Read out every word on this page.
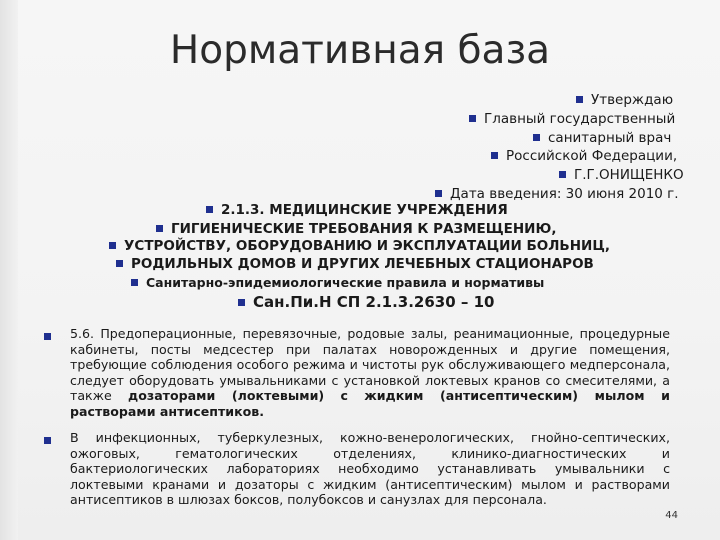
Нормативная база
Утверждаю
Главный государственный
санитарный врач
Российской Федерации,
Г.Г.ОНИЩЕНКО
Дата введения: 30 июня 2010 г.
2.1.3. МЕДИЦИНСКИЕ УЧРЕЖДЕНИЯ
ГИГИЕНИЧЕСКИЕ ТРЕБОВАНИЯ К РАЗМЕЩЕНИЮ,
УСТРОЙСТВУ, ОБОРУДОВАНИЮ И ЭКСПЛУАТАЦИИ БОЛЬНИЦ,
РОДИЛЬНЫХ ДОМОВ И ДРУГИХ ЛЕЧЕБНЫХ СТАЦИОНАРОВ
Санитарно-эпидемиологические правила и нормативы
Сан.Пи.Н СП 2.1.3.2630 – 10
5.6. Предоперационные, перевязочные, родовые залы, реанимационные, процедурные кабинеты, посты медсестер при палатах новорожденных и другие помещения, требующие соблюдения особого режима и чистоты рук обслуживающего медперсонала, следует оборудовать умывальниками с установкой локтевых кранов со смесителями, а также дозаторами (локтевыми) с жидким (антисептическим) мылом и растворами антисептиков.
В инфекционных, туберкулезных, кожно-венерологических, гнойно-септических, ожоговых, гематологических отделениях, клинико-диагностических и бактериологических лабораториях необходимо устанавливать умывальники с локтевыми кранами и дозаторы с жидким (антисептическим) мылом и растворами антисептиков в шлюзах боксов, полубоксов и санузлах для персонала.
44
